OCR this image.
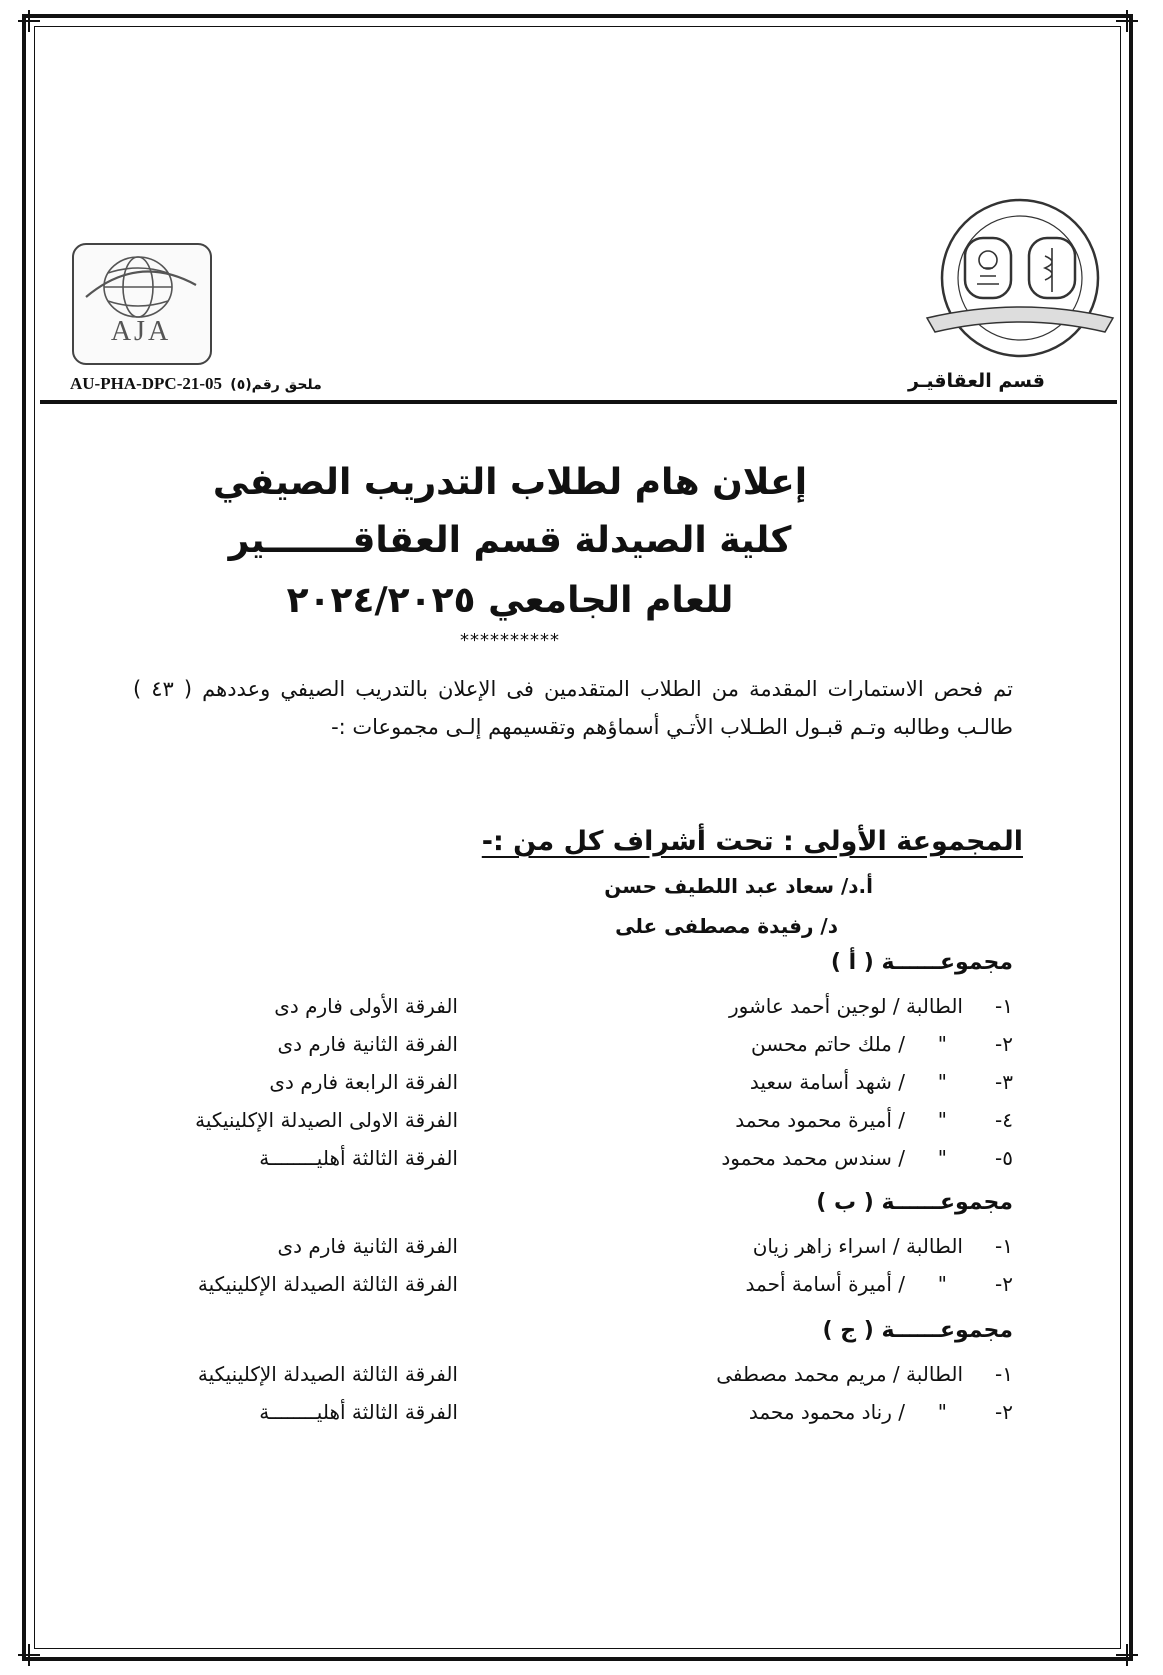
AJA
AU-PHA-DPC-21-05 ملحق رقم(٥)	قسم العقاقيـر
إعلان هام لطلاب التدريب الصيفي
كلية الصيدلة قسم العقاقـــــــير
للعام الجامعي ٢٠٢٤/٢٠٢٥
**********
تم فحص الاستمارات المقدمة من الطلاب المتقدمين فى الإعلان بالتدريب الصيفي وعددهم ( ٤٣ ) طالـب وطالبه وتـم قبـول الطـلاب الأتـي أسماؤهم وتقسيمهم إلـى مجموعات :-
المجموعة الأولى : تحت أشراف كل من :-
أ.د/ سعاد عبد اللطيف حسن
د/ رفيدة مصطفى على
مجموعــــــة ( أ )
١-
الطالبة / لوجين أحمد عاشور
الفرقة الأولى فارم دى
٢-
"
/ ملك حاتم محسن
الفرقة الثانية فارم دى
٣-
"
/ شهد أسامة سعيد
الفرقة الرابعة فارم دى
٤-
"
/ أميرة محمود محمد
الفرقة الاولى الصيدلة الإكلينيكية
٥-
"
/ سندس محمد محمود
الفرقة الثالثة أهليــــــــة
مجموعــــــة ( ب )
١-
الطالبة / اسراء زاهر زيان
الفرقة الثانية فارم دى
٢-
"
/ أميرة أسامة أحمد
الفرقة الثالثة الصيدلة الإكلينيكية
مجموعــــــة ( ج )
١-
الطالبة / مريم محمد مصطفى
الفرقة الثالثة الصيدلة الإكلينيكية
٢-
"
/ رناد محمود محمد
الفرقة الثالثة أهليــــــــة
